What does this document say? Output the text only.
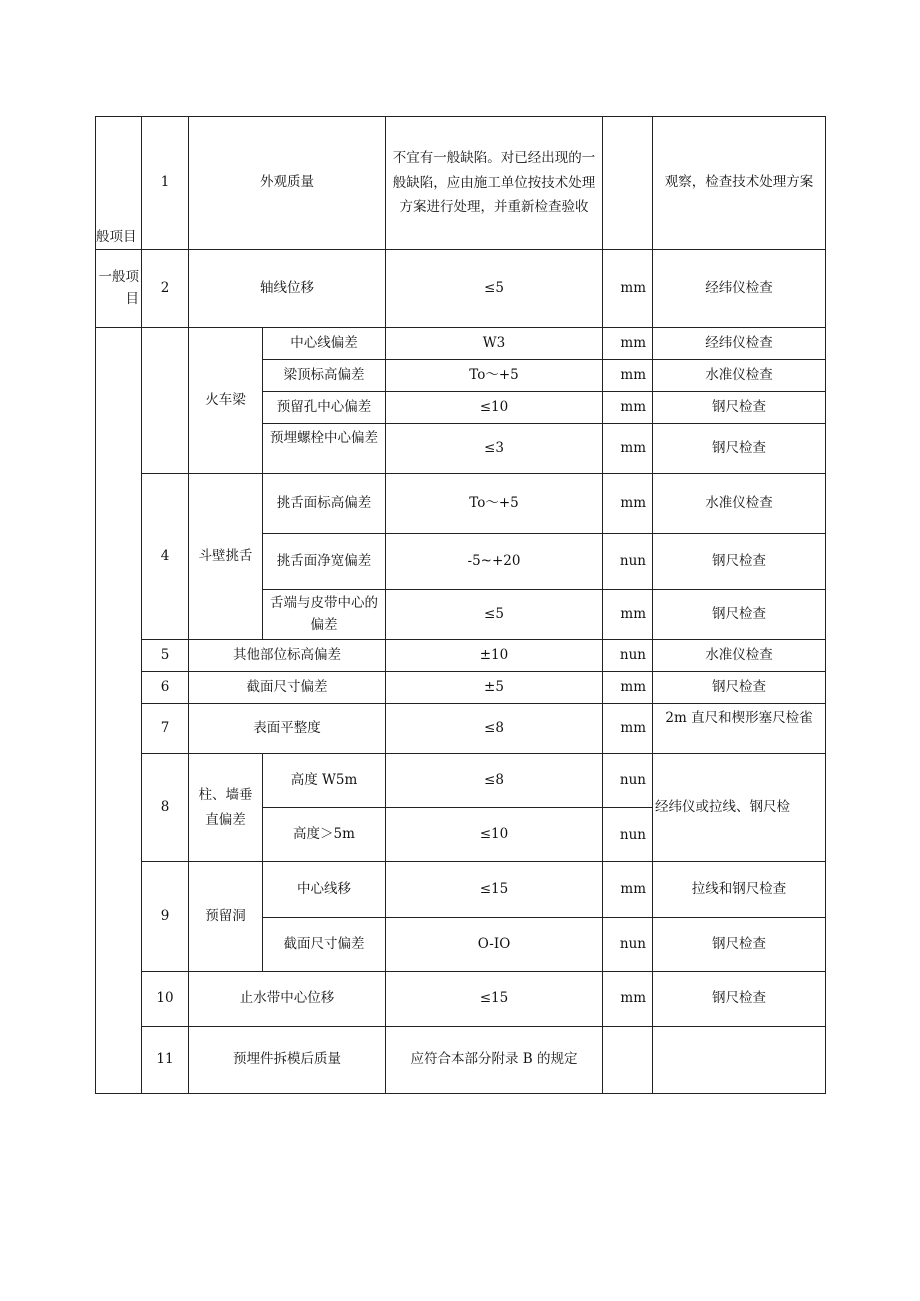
般项目	1	外观质量		不宜有一般缺陷。对已经出现的一般缺陷，应由施工单位按技术处理方案进行处理，并重新检查验收		观察，检查技术处理方案
一般项目	2	轴线位移		≤5	mm	经纬仪检查
		火车梁	中心线偏差	W3	mm	经纬仪检查
			梁顶标高偏差	To～+5	mm	水准仪检查
			预留孔中心偏差	≤10	mm	钢尺检查
			预埋螺栓中心偏差	≤3	mm	钢尺检查
	4	斗壁挑舌	挑舌面标高偏差	To～+5	mm	水准仪检查
			挑舌面净宽偏差	-5~+20	nun	钢尺检查
			舌端与皮带中心的偏差	≤5	mm	钢尺检查
	5	其他部位标高偏差		±10	nun	水准仪检查
	6	截面尺寸偏差		±5	mm	钢尺检查
	7	表面平整度		≤8	mm	2m 直尺和楔形塞尺检雀
	8	柱、墙垂直偏差	高度 W5m	≤8	nun	经纬仪或拉线、钢尺检
			高度＞5m	≤10	nun	
	9	预留洞	中心线移	≤15	mm	拉线和钢尺检查
			截面尺寸偏差	O-IO	nun	钢尺检查
	10	止水带中心位移		≤15	mm	钢尺检查
	11	预埋件拆模后质量		应符合本部分附录 B 的规定		
